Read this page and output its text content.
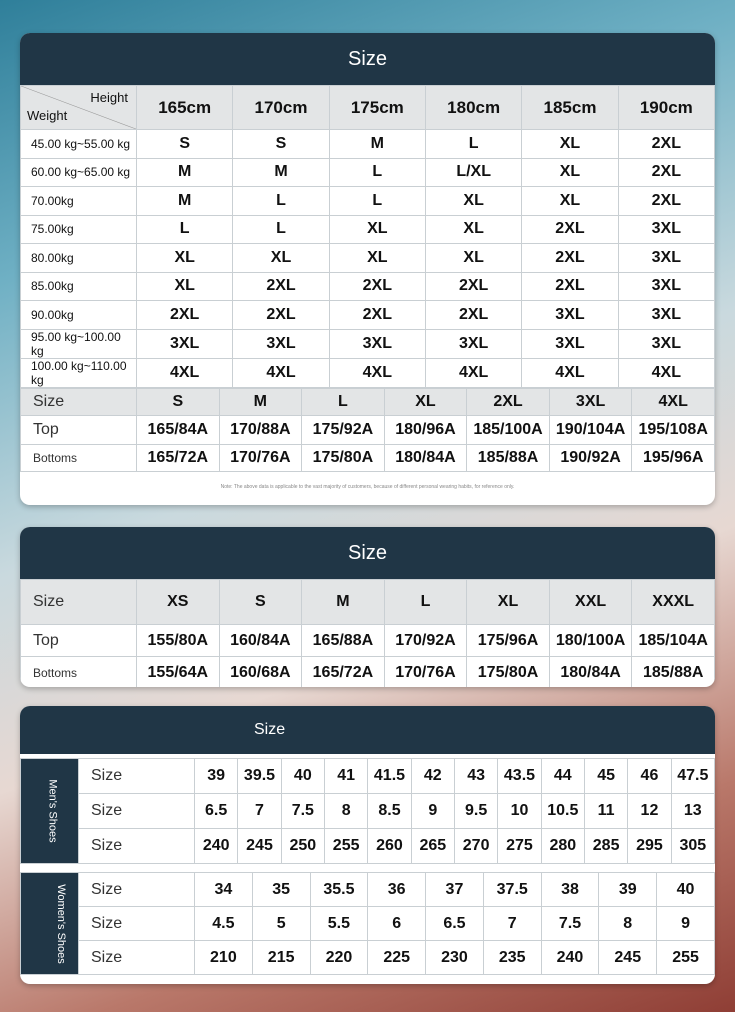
Size
Height
Weight	165cm	170cm	175cm	180cm	185cm	190cm
45.00 kg~55.00 kg	S	S	M	L	XL	2XL
60.00 kg~65.00 kg	M	M	L	L/XL	XL	2XL
70.00kg	M	L	L	XL	XL	2XL
75.00kg	L	L	XL	XL	2XL	3XL
80.00kg	XL	XL	XL	XL	2XL	3XL
85.00kg	XL	2XL	2XL	2XL	2XL	3XL
90.00kg	2XL	2XL	2XL	2XL	3XL	3XL
95.00 kg~100.00 kg	3XL	3XL	3XL	3XL	3XL	3XL
100.00 kg~110.00 kg	4XL	4XL	4XL	4XL	4XL	4XL
Size	S	M	L	XL	2XL	3XL	4XL
Top	165/84A	170/88A	175/92A	180/96A	185/100A	190/104A	195/108A
Bottoms	165/72A	170/76A	175/80A	180/84A	185/88A	190/92A	195/96A
Note: The above data is applicable to the vast majority of customers, because of different personal wearing habits, for reference only.
Size
Size	XS	S	M	L	XL	XXL	XXXL
Top	155/80A	160/84A	165/88A	170/92A	175/96A	180/100A	185/104A
Bottoms	155/64A	160/68A	165/72A	170/76A	175/80A	180/84A	185/88A
Size
Men's Shoes	Size	39	39.5	40	41	41.5	42	43	43.5	44	45	46	47.5
	Size	6.5	7	7.5	8	8.5	9	9.5	10	10.5	11	12	13
	Size	240	245	250	255	260	265	270	275	280	285	295	305
Women's Shoes	Size	34	35	35.5	36	37	37.5	38	39	40
	Size	4.5	5	5.5	6	6.5	7	7.5	8	9
	Size	210	215	220	225	230	235	240	245	255
